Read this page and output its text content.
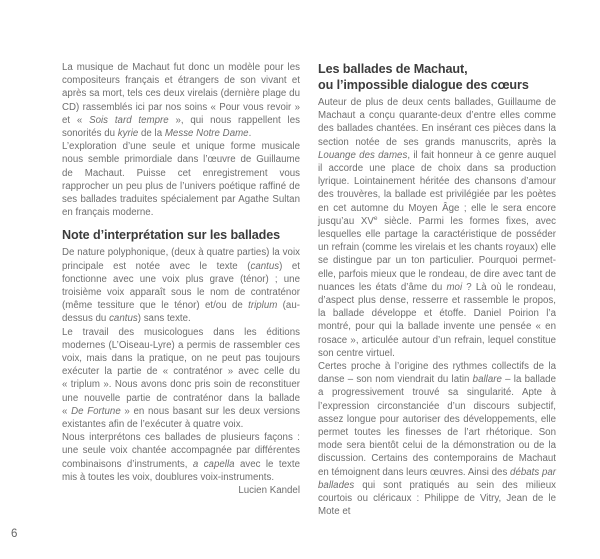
La musique de Machaut fut donc un modèle pour les compositeurs français et étrangers de son vivant et après sa mort, tels ces deux virelais (dernière plage du CD) rassemblés ici par nos soins « Pour vous revoir » et « Sois tard tempre », qui nous rappellent les sonorités du kyrie de la Messe Notre Dame.

L’exploration d’une seule et unique forme musicale nous semble primordiale dans l’œuvre de Guillaume de Machaut. Puisse cet enregistrement vous rapprocher un peu plus de l’univers poétique raffiné de ses ballades traduites spécialement par Agathe Sultan en français moderne.

Note d’interprétation sur les ballades

De nature polyphonique, (deux à quatre parties) la voix principale est notée avec le texte (cantus) et fonctionne avec une voix plus grave (ténor) ; une troisième voix apparaît sous le nom de contraténor (même tessiture que le ténor) et/ou de triplum (au-dessus du cantus) sans texte.

Le travail des musicologues dans les éditions modernes (L’Oiseau-Lyre) a permis de rassembler ces voix, mais dans la pratique, on ne peut pas toujours exécuter la partie de « contraténor » avec celle du « triplum ». Nous avons donc pris soin de reconstituer une nouvelle partie de contraténor dans la ballade « De Fortune » en nous basant sur les deux versions existantes afin de l’exécuter à quatre voix.

Nous interprétons ces ballades de plusieurs façons : une seule voix chantée accompagnée par différentes combinaisons d’instruments, a capella avec le texte mis à toutes les voix, doublures voix-instruments.

Lucien Kandel

Les ballades de Machaut,
ou l’impossible dialogue des cœurs

Auteur de plus de deux cents ballades, Guillaume de Machaut a conçu quarante-deux d’entre elles comme des ballades chantées. En insérant ces pièces dans la section notée de ses grands manuscrits, après la Louange des dames, il fait honneur à ce genre auquel il accorde une place de choix dans sa production lyrique. Lointainement héritée des chansons d’amour des trouvères, la ballade est privilégiée par les poètes en cet automne du Moyen Âge ; elle le sera encore jusqu’au XVe siècle. Parmi les formes fixes, avec lesquelles elle partage la caractéristique de posséder un refrain (comme les virelais et les chants royaux) elle se distingue par un ton particulier. Pourquoi permet-elle, parfois mieux que le rondeau, de dire avec tant de nuances les états d’âme du moi ? Là où le rondeau, d’aspect plus dense, resserre et rassemble le propos, la ballade développe et étoffe. Daniel Poirion l’a montré, pour qui la ballade invente une pensée « en rosace », articulée autour d’un refrain, lequel constitue son centre virtuel.

Certes proche à l’origine des rythmes collectifs de la danse – son nom viendrait du latin ballare – la ballade a progressivement trouvé sa singularité. Apte à l’expression circonstanciée d’un discours subjectif, assez longue pour autoriser des développements, elle permet toutes les finesses de l’art rhétorique. Son mode sera bientôt celui de la démonstration ou de la discussion. Certains des contemporains de Machaut en témoignent dans leurs œuvres. Ainsi des débats par ballades qui sont pratiqués au sein des milieux courtois ou cléricaux : Philippe de Vitry, Jean de le Mote et

6
